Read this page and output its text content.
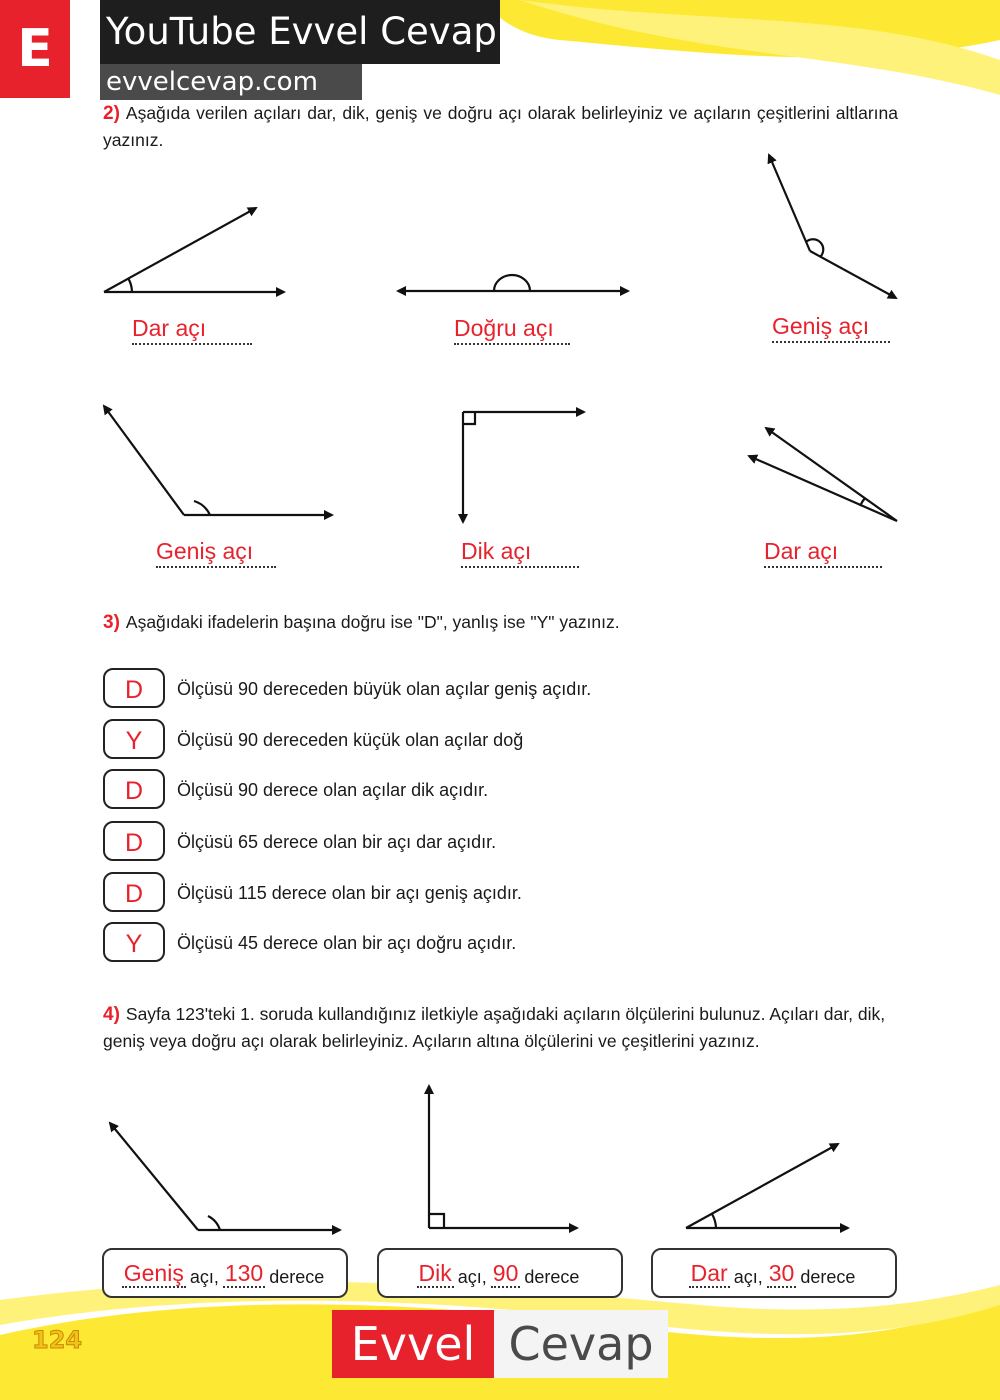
E	YouTube Evvel Cevap
evvelcevap.com
2) Aşağıda verilen açıları dar, dik, geniş ve doğru açı olarak belirleyiniz ve açıların çeşitlerini altlarına yazınız.
Dar açı	Doğru açı	Geniş açı
Geniş açı	Dik açı	Dar açı
3) Aşağıdaki ifadelerin başına doğru ise "D", yanlış ise "Y" yazınız.
D	Ölçüsü 90 dereceden büyük olan açılar geniş açıdır.
Y	Ölçüsü 90 dereceden küçük olan açılar doğ
D	Ölçüsü 90 derece olan açılar dik açıdır.
D	Ölçüsü 65 derece olan bir açı dar açıdır.
D	Ölçüsü 115 derece olan bir açı geniş açıdır.
Y	Ölçüsü 45 derece olan bir açı doğru açıdır.
4) Sayfa 123'teki 1. soruda kullandığınız iletkiyle aşağıdaki açıların ölçülerini bulunuz. Açıları dar, dik, geniş veya doğru açı olarak belirleyiniz. Açıların altına ölçülerini ve çeşitlerini yazınız.
Geniş açı, 130 derece	Dik açı, 90 derece	Dar açı, 30 derece
124	Evvel Cevap
